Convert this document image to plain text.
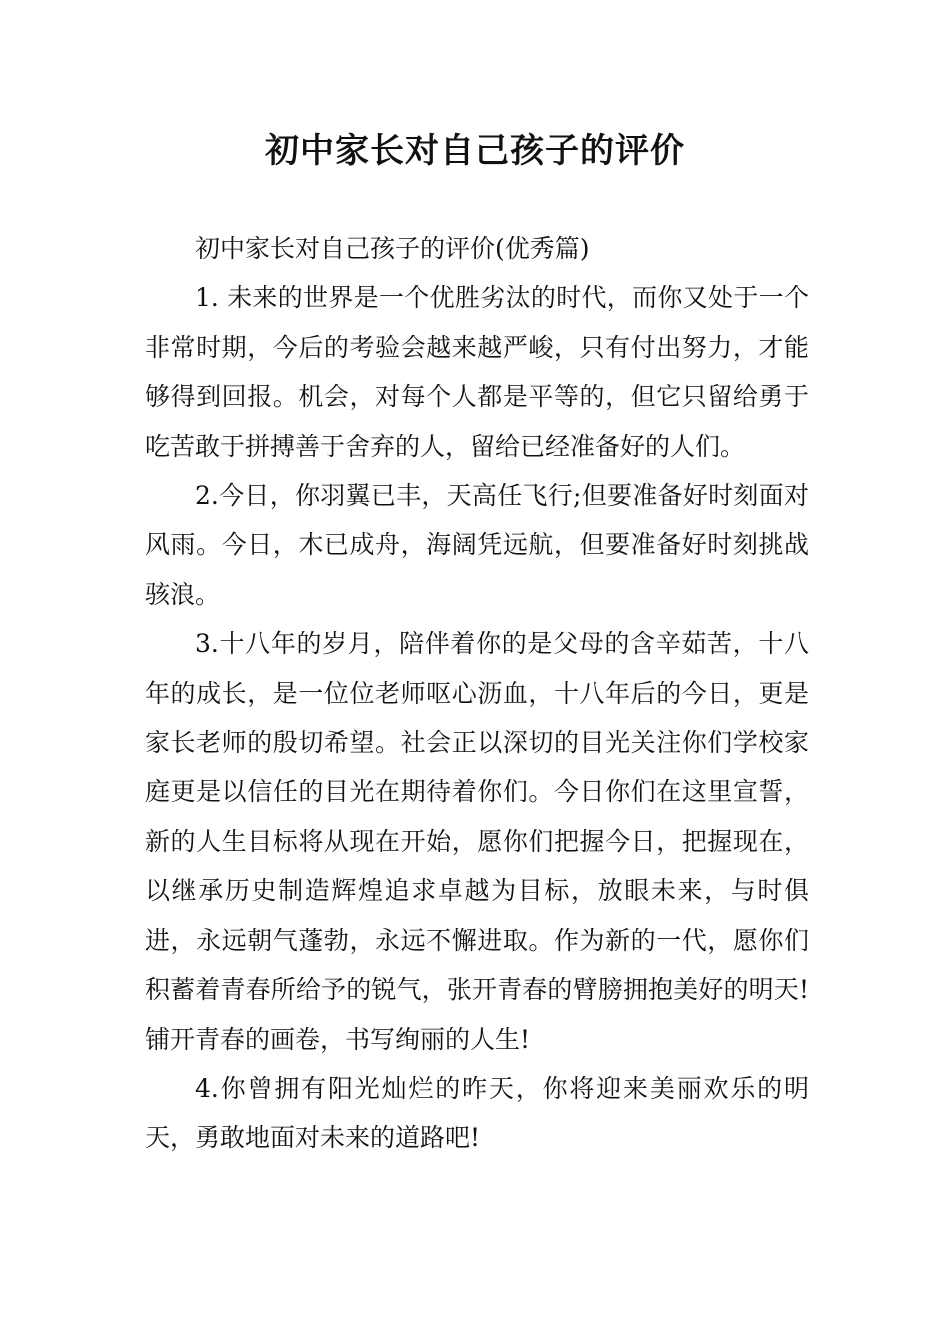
初中家长对自己孩子的评价

初中家长对自己孩子的评价(优秀篇)

1. 未来的世界是一个优胜劣汰的时代，而你又处于一个非常时期，今后的考验会越来越严峻，只有付出努力，才能够得到回报。机会，对每个人都是平等的，但它只留给勇于吃苦敢于拼搏善于舍弃的人，留给已经准备好的人们。

2.今日，你羽翼已丰，天高任飞行;但要准备好时刻面对风雨。今日，木已成舟，海阔凭远航，但要准备好时刻挑战骇浪。

3.十八年的岁月，陪伴着你的是父母的含辛茹苦，十八年的成长，是一位位老师呕心沥血，十八年后的今日，更是家长老师的殷切希望。社会正以深切的目光关注你们学校家庭更是以信任的目光在期待着你们。今日你们在这里宣誓，新的人生目标将从现在开始，愿你们把握今日，把握现在，以继承历史制造辉煌追求卓越为目标，放眼未来，与时俱进，永远朝气蓬勃，永远不懈进取。作为新的一代，愿你们积蓄着青春所给予的锐气，张开青春的臂膀拥抱美好的明天!铺开青春的画卷，书写绚丽的人生!

4.你曾拥有阳光灿烂的昨天，你将迎来美丽欢乐的明天，勇敢地面对未来的道路吧!
